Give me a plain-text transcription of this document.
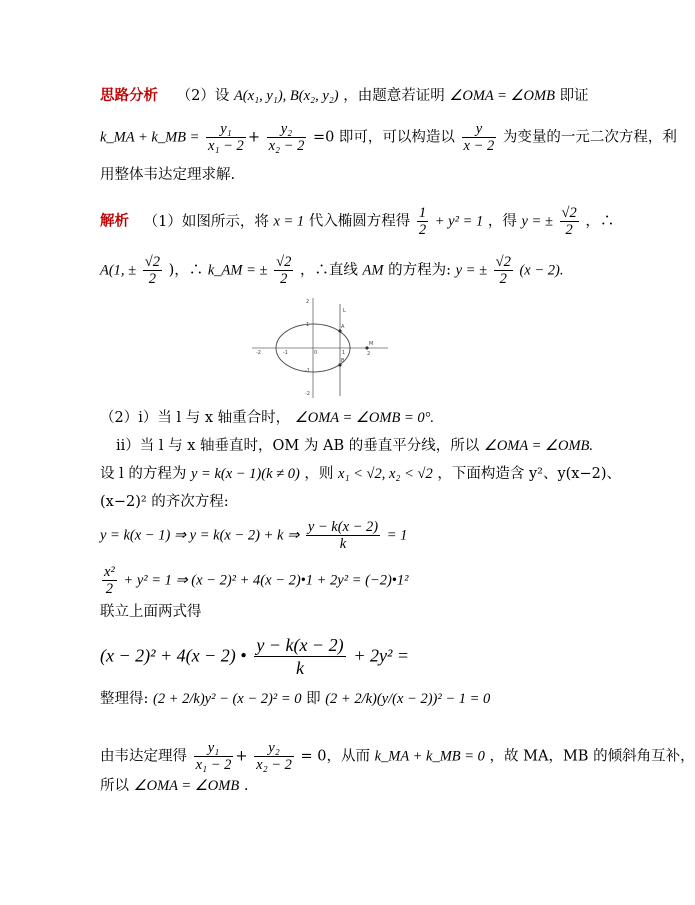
思路分析 （2）设 A(x₁, y₁), B(x₂, y₂) ，由题意若证明 ∠OMA = ∠OMB 即证
k_MA + k_MB = $\frac{\text{y₁}}{\text{x₁ − 2}} + \frac{\text{y₂}}{\text{x₂ − 2}} =0$ 即可，可以构造以 $\frac{y}{x - 2}$ 为变量的一元二次方程，利
用整体韦达定理求解.
解析 （1）如图所示，将 x = 1 代入椭圆方程得 $\frac{1}{2} + y^2 = 1$ ，得 y = ± $\frac{√2}{2}$ ，∴
A(1, ± $\frac{√2}{2}$ )，∴ k_AM = ± $\frac{√2}{2}$ ，∴直线 AM 的方程为: y = ± $\frac{√2}{2} (x - 2)$.
-2	-1	0	1	2
2
1
-1
-2
L
A
B
M
（2）i）当 l 与 x 轴重合时， ∠OMA = ∠OMB = 0°.
ii）当 l 与 x 轴垂直时，OM 为 AB 的垂直平分线，所以 ∠OMA = ∠OMB.
设 l 的方程为 y = k(x − 1)(k ≠ 0) ，则 x₁ < √2, x₂ < √2 ，下面构造含 y²、y(x−2)、
(x−2)² 的齐次方程:
y = k(x − 1) ⇒ y = k(x − 2) + k ⇒ $\frac{y - k(x - 2)}{k} = 1$
$\frac{\text{x²}}{2} + y^2 = 1$ ⇒ (x − 2)² + 4(x − 2)•1 + 2y² = (−2)•1²
联立上面两式得
(x − 2)² + 4(x − 2) • $\frac{y - k(x - 2)}{k} + 2y^2$ =
整理得: (2 + 2/k)y² − (x − 2)² = 0 即 (2 + 2/k)(y/(x − 2))² − 1 = 0
由韦达定理得 $\frac{\text{y₁}}{\text{x₁ − 2}} + \frac{\text{y₂}}{\text{x₂ − 2}} = 0$，从而 k_MA + k_MB = 0 ，故 MA，MB 的倾斜角互补，
所以 ∠OMA = ∠OMB .
